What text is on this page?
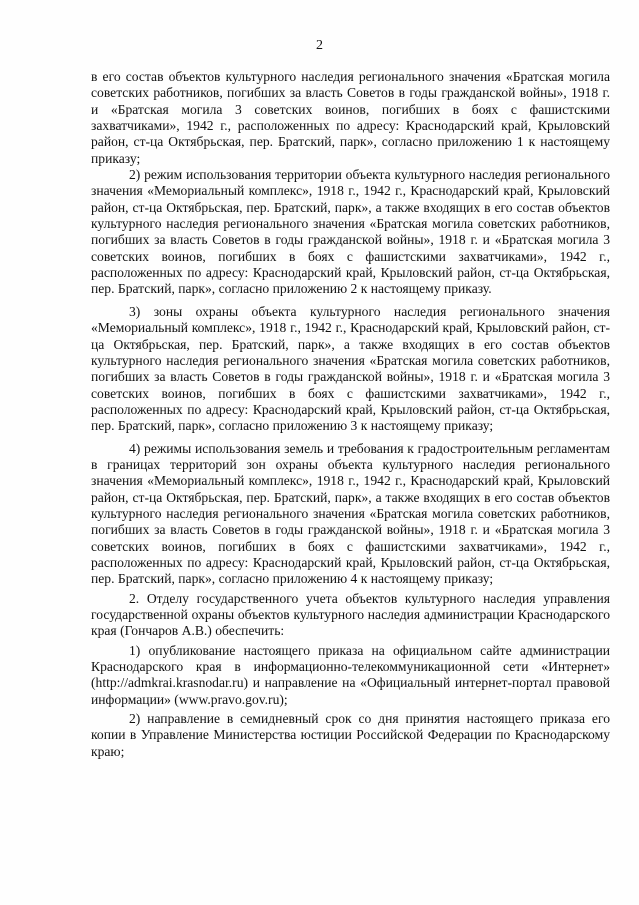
2

в его состав объектов культурного наследия регионального значения «Братская могила советских работников, погибших за власть Советов в годы гражданской войны», 1918 г. и «Братская могила 3 советских воинов, погибших в боях с фашистскими захватчиками», 1942 г., расположенных по адресу: Краснодарский край, Крыловский район, ст-ца Октябрьская, пер. Братский, парк», согласно приложению 1 к настоящему приказу;

2) режим использования территории объекта культурного наследия регионального значения «Мемориальный комплекс», 1918 г., 1942 г., Краснодарский край, Крыловский район, ст-ца Октябрьская, пер. Братский, парк», а также входящих в его состав объектов культурного наследия регионального значения «Братская могила советских работников, погибших за власть Советов в годы гражданской войны», 1918 г. и «Братская могила 3 советских воинов, погибших в боях с фашистскими захватчиками», 1942 г., расположенных по адресу: Краснодарский край, Крыловский район, ст-ца Октябрьская, пер. Братский, парк», согласно приложению 2 к настоящему приказу.

3) зоны охраны объекта культурного наследия регионального значения «Мемориальный комплекс», 1918 г., 1942 г., Краснодарский край, Крыловский район, ст-ца Октябрьская, пер. Братский, парк», а также входящих в его состав объектов культурного наследия регионального значения «Братская могила советских работников, погибших за власть Советов в годы гражданской войны», 1918 г. и «Братская могила 3 советских воинов, погибших в боях с фашистскими захватчиками», 1942 г., расположенных по адресу: Краснодарский край, Крыловский район, ст-ца Октябрьская, пер. Братский, парк», согласно приложению 3 к настоящему приказу;

4) режимы использования земель и требования к градостроительным регламентам в границах территорий зон охраны объекта культурного наследия регионального значения «Мемориальный комплекс», 1918 г., 1942 г., Краснодарский край, Крыловский район, ст-ца Октябрьская, пер. Братский, парк», а также входящих в его состав объектов культурного наследия регионального значения «Братская могила советских работников, погибших за власть Советов в годы гражданской войны», 1918 г. и «Братская могила 3 советских воинов, погибших в боях с фашистскими захватчиками», 1942 г., расположенных по адресу: Краснодарский край, Крыловский район, ст-ца Октябрьская, пер. Братский, парк», согласно приложению 4 к настоящему приказу;

2. Отделу государственного учета объектов культурного наследия управления государственной охраны объектов культурного наследия администрации Краснодарского края (Гончаров А.В.) обеспечить:

1) опубликование настоящего приказа на официальном сайте администрации Краснодарского края в информационно-телекоммуникационной сети «Интернет» (http://admkrai.krasnodar.ru) и направление на «Официальный интернет-портал правовой информации» (www.pravo.gov.ru);

2) направление в семидневный срок со дня принятия настоящего приказа его копии в Управление Министерства юстиции Российской Федерации по Краснодарскому краю;
